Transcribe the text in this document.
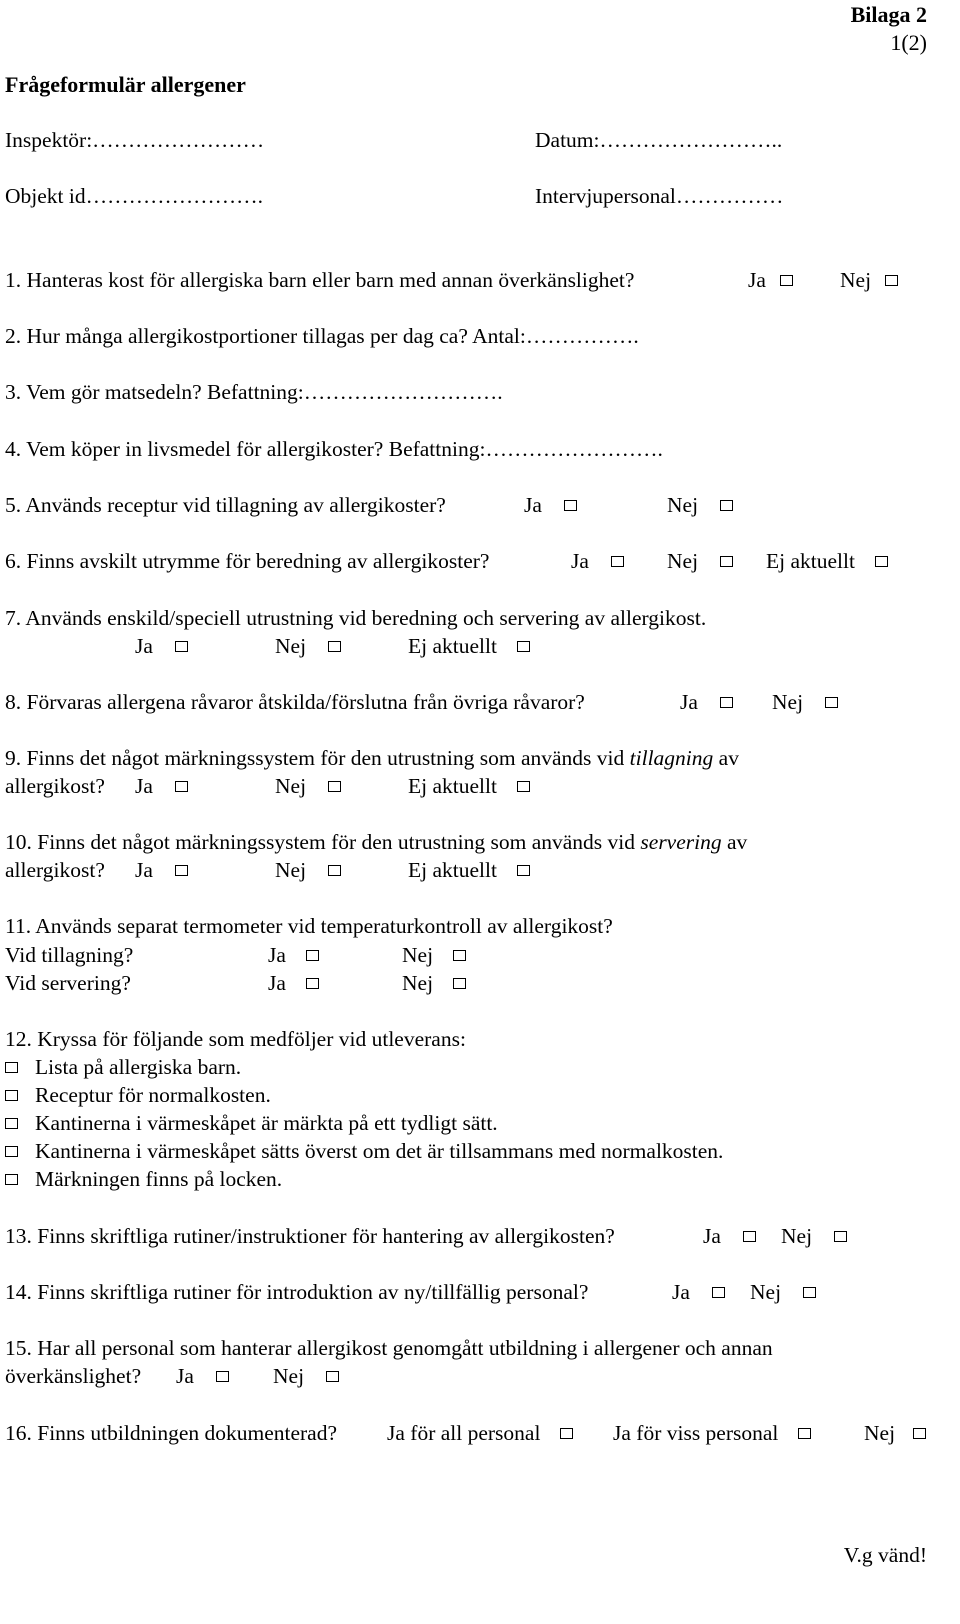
Bilaga 2
1(2)
Frågeformulär allergener
Inspektör:……………………	Datum:……………………..
Objekt id…………………….	Intervjupersonal……………
1. Hanteras kost för allergiska barn eller barn med annan överkänslighet?	Ja	Nej
2. Hur många allergikostportioner tillagas per dag ca? Antal:…………….
3. Vem gör matsedeln? Befattning:……………………….
4. Vem köper in livsmedel för allergikoster? Befattning:…………………….
5. Används receptur vid tillagning av allergikoster?	Ja	Nej
6. Finns avskilt utrymme för beredning av allergikoster?	Ja	Nej	Ej aktuellt
7. Används enskild/speciell utrustning vid beredning och servering av allergikost.
Ja	Nej	Ej aktuellt
8. Förvaras allergena råvaror åtskilda/förslutna från övriga råvaror?	Ja	Nej
9. Finns det något märkningssystem för den utrustning som används vid tillagning av
allergikost? Ja	Nej	Ej aktuellt
10. Finns det något märkningssystem för den utrustning som används vid servering av
allergikost? Ja	Nej	Ej aktuellt
11. Används separat termometer vid temperaturkontroll av allergikost?
Vid tillagning?	Ja	Nej
Vid servering?	Ja	Nej
12. Kryssa för följande som medföljer vid utleverans:
Lista på allergiska barn.
Receptur för normalkosten.
Kantinerna i värmeskåpet är märkta på ett tydligt sätt.
Kantinerna i värmeskåpet sätts överst om det är tillsammans med normalkosten.
Märkningen finns på locken.
13. Finns skriftliga rutiner/instruktioner för hantering av allergikosten?	Ja	Nej
14. Finns skriftliga rutiner för introduktion av ny/tillfällig personal?	Ja	Nej
15. Har all personal som hanterar allergikost genomgått utbildning i allergener och annan
överkänslighet? Ja	Nej
16. Finns utbildningen dokumenterad? Ja för all personal	Ja för viss personal	Nej
V.g vänd!
